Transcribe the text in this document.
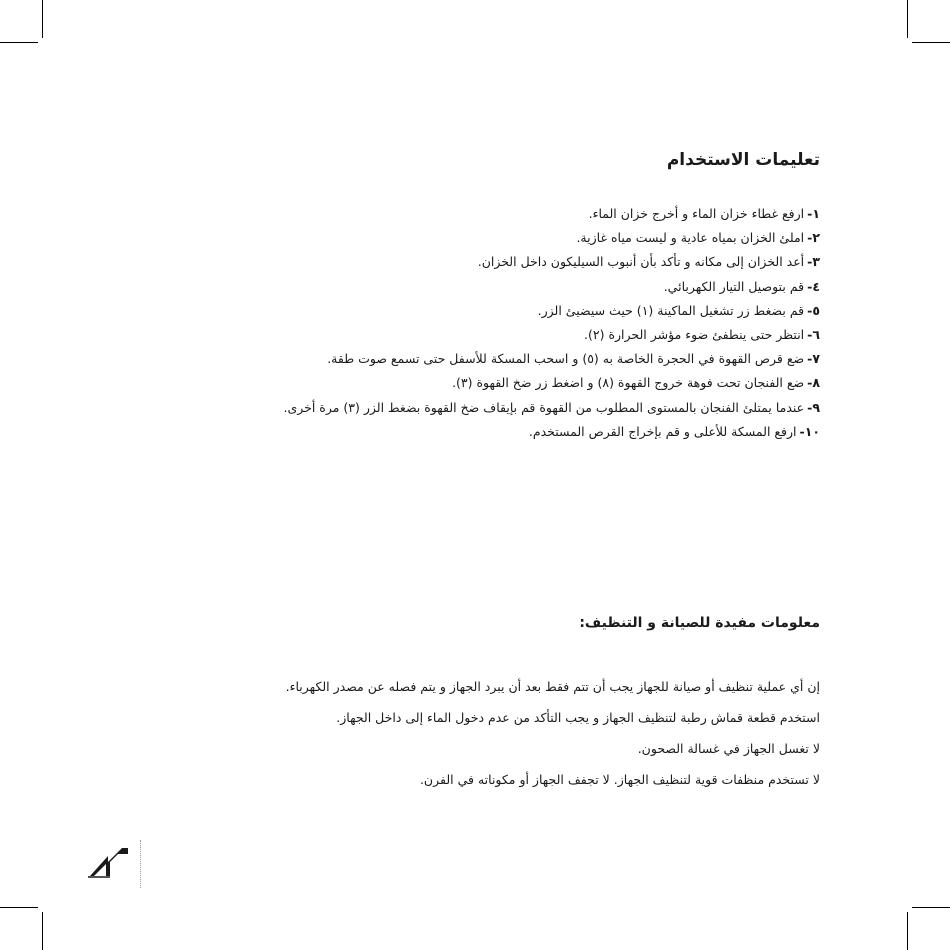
تعليمات الاستخدام
١-ارفع غطاء خزان الماء و أخرج خزان الماء.
٢-املئ الخزان بمياه عادية و ليست مياه غازية.
٣-أعد الخزان إلى مكانه و تأكد بأن أنبوب السيليكون داخل الخزان.
٤-قم بتوصيل التيار الكهربائي.
٥-قم بضغط زر تشغيل الماكينة (١) حيث سيضيئ الزر.
٦-انتظر حتى ينطفئ ضوء مؤشر الحرارة (٢).
٧-ضع قرص القهوة في الحجرة الخاصة به (٥) و اسحب المسكة للأسفل حتى تسمع صوت طقة.
٨-ضع الفنجان تحت فوهة خروج القهوة (٨) و اضغط زر ضخ القهوة (٣).
٩-عندما يمتلئ الفنجان بالمستوى المطلوب من القهوة قم بإيقاف ضخ القهوة بضغط الزر (٣) مرة أخرى.
١٠-ارفع المسكة للأعلى و قم بإخراج القرص المستخدم.
معلومات مفيدة للصيانة و التنظيف:

إن أي عملية تنظيف أو صيانة للجهاز يجب أن تتم فقط بعد أن يبرد الجهاز و يتم فصله عن مصدر الكهرباء.

استخدم قطعة قماش رطبة لتنظيف الجهاز و يجب التأكد من عدم دخول الماء إلى داخل الجهاز.

لا تغسل الجهاز في غسالة الصحون.

لا تستخدم منظفات قوية لتنظيف الجهاز. لا تجفف الجهاز أو مكوناته في الفرن.
